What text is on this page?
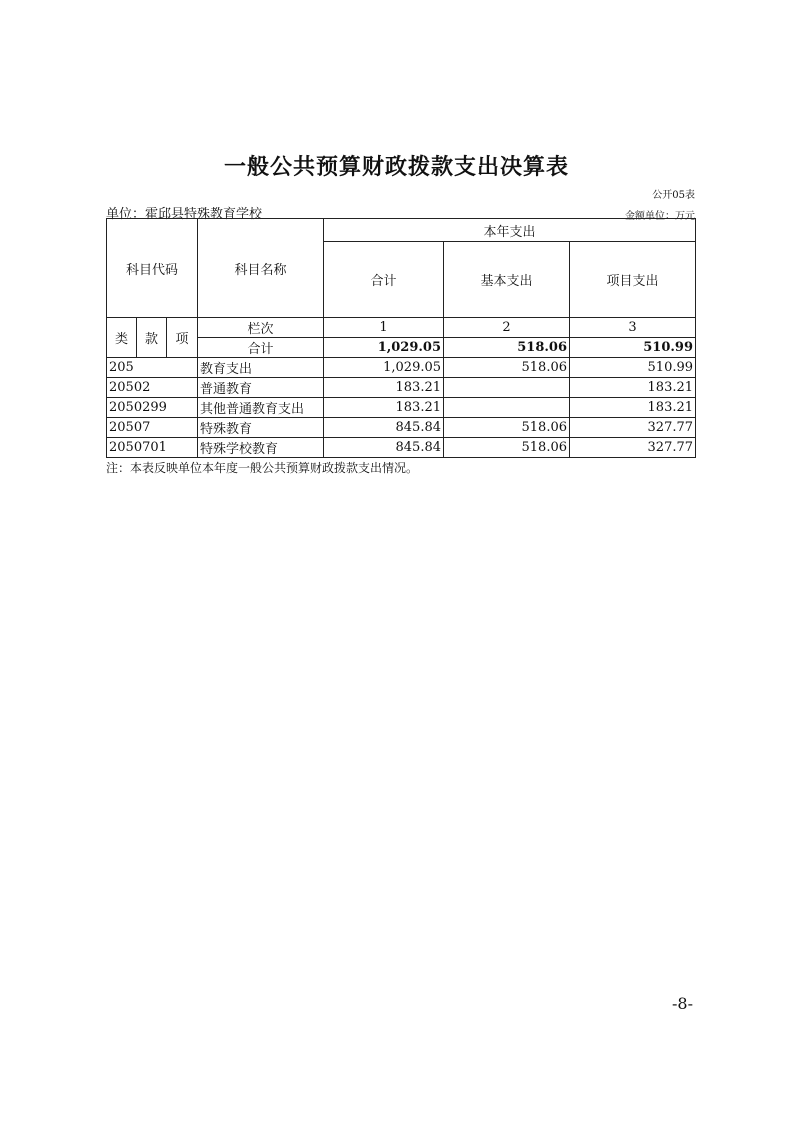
一般公共预算财政拨款支出决算表
公开05表
单位：霍邱县特殊教育学校	金额单位：万元
科目代码			科目名称	本年支出		
				合计	基本支出	项目支出
类	款	项	栏次	1	2	3
			合计	1,029.05	518.06	510.99
205			教育支出	1,029.05	518.06	510.99
20502			普通教育	183.21		183.21
2050299			其他普通教育支出	183.21		183.21
20507			特殊教育	845.84	518.06	327.77
2050701			特殊学校教育	845.84	518.06	327.77
注：本表反映单位本年度一般公共预算财政拨款支出情况。
-8-
